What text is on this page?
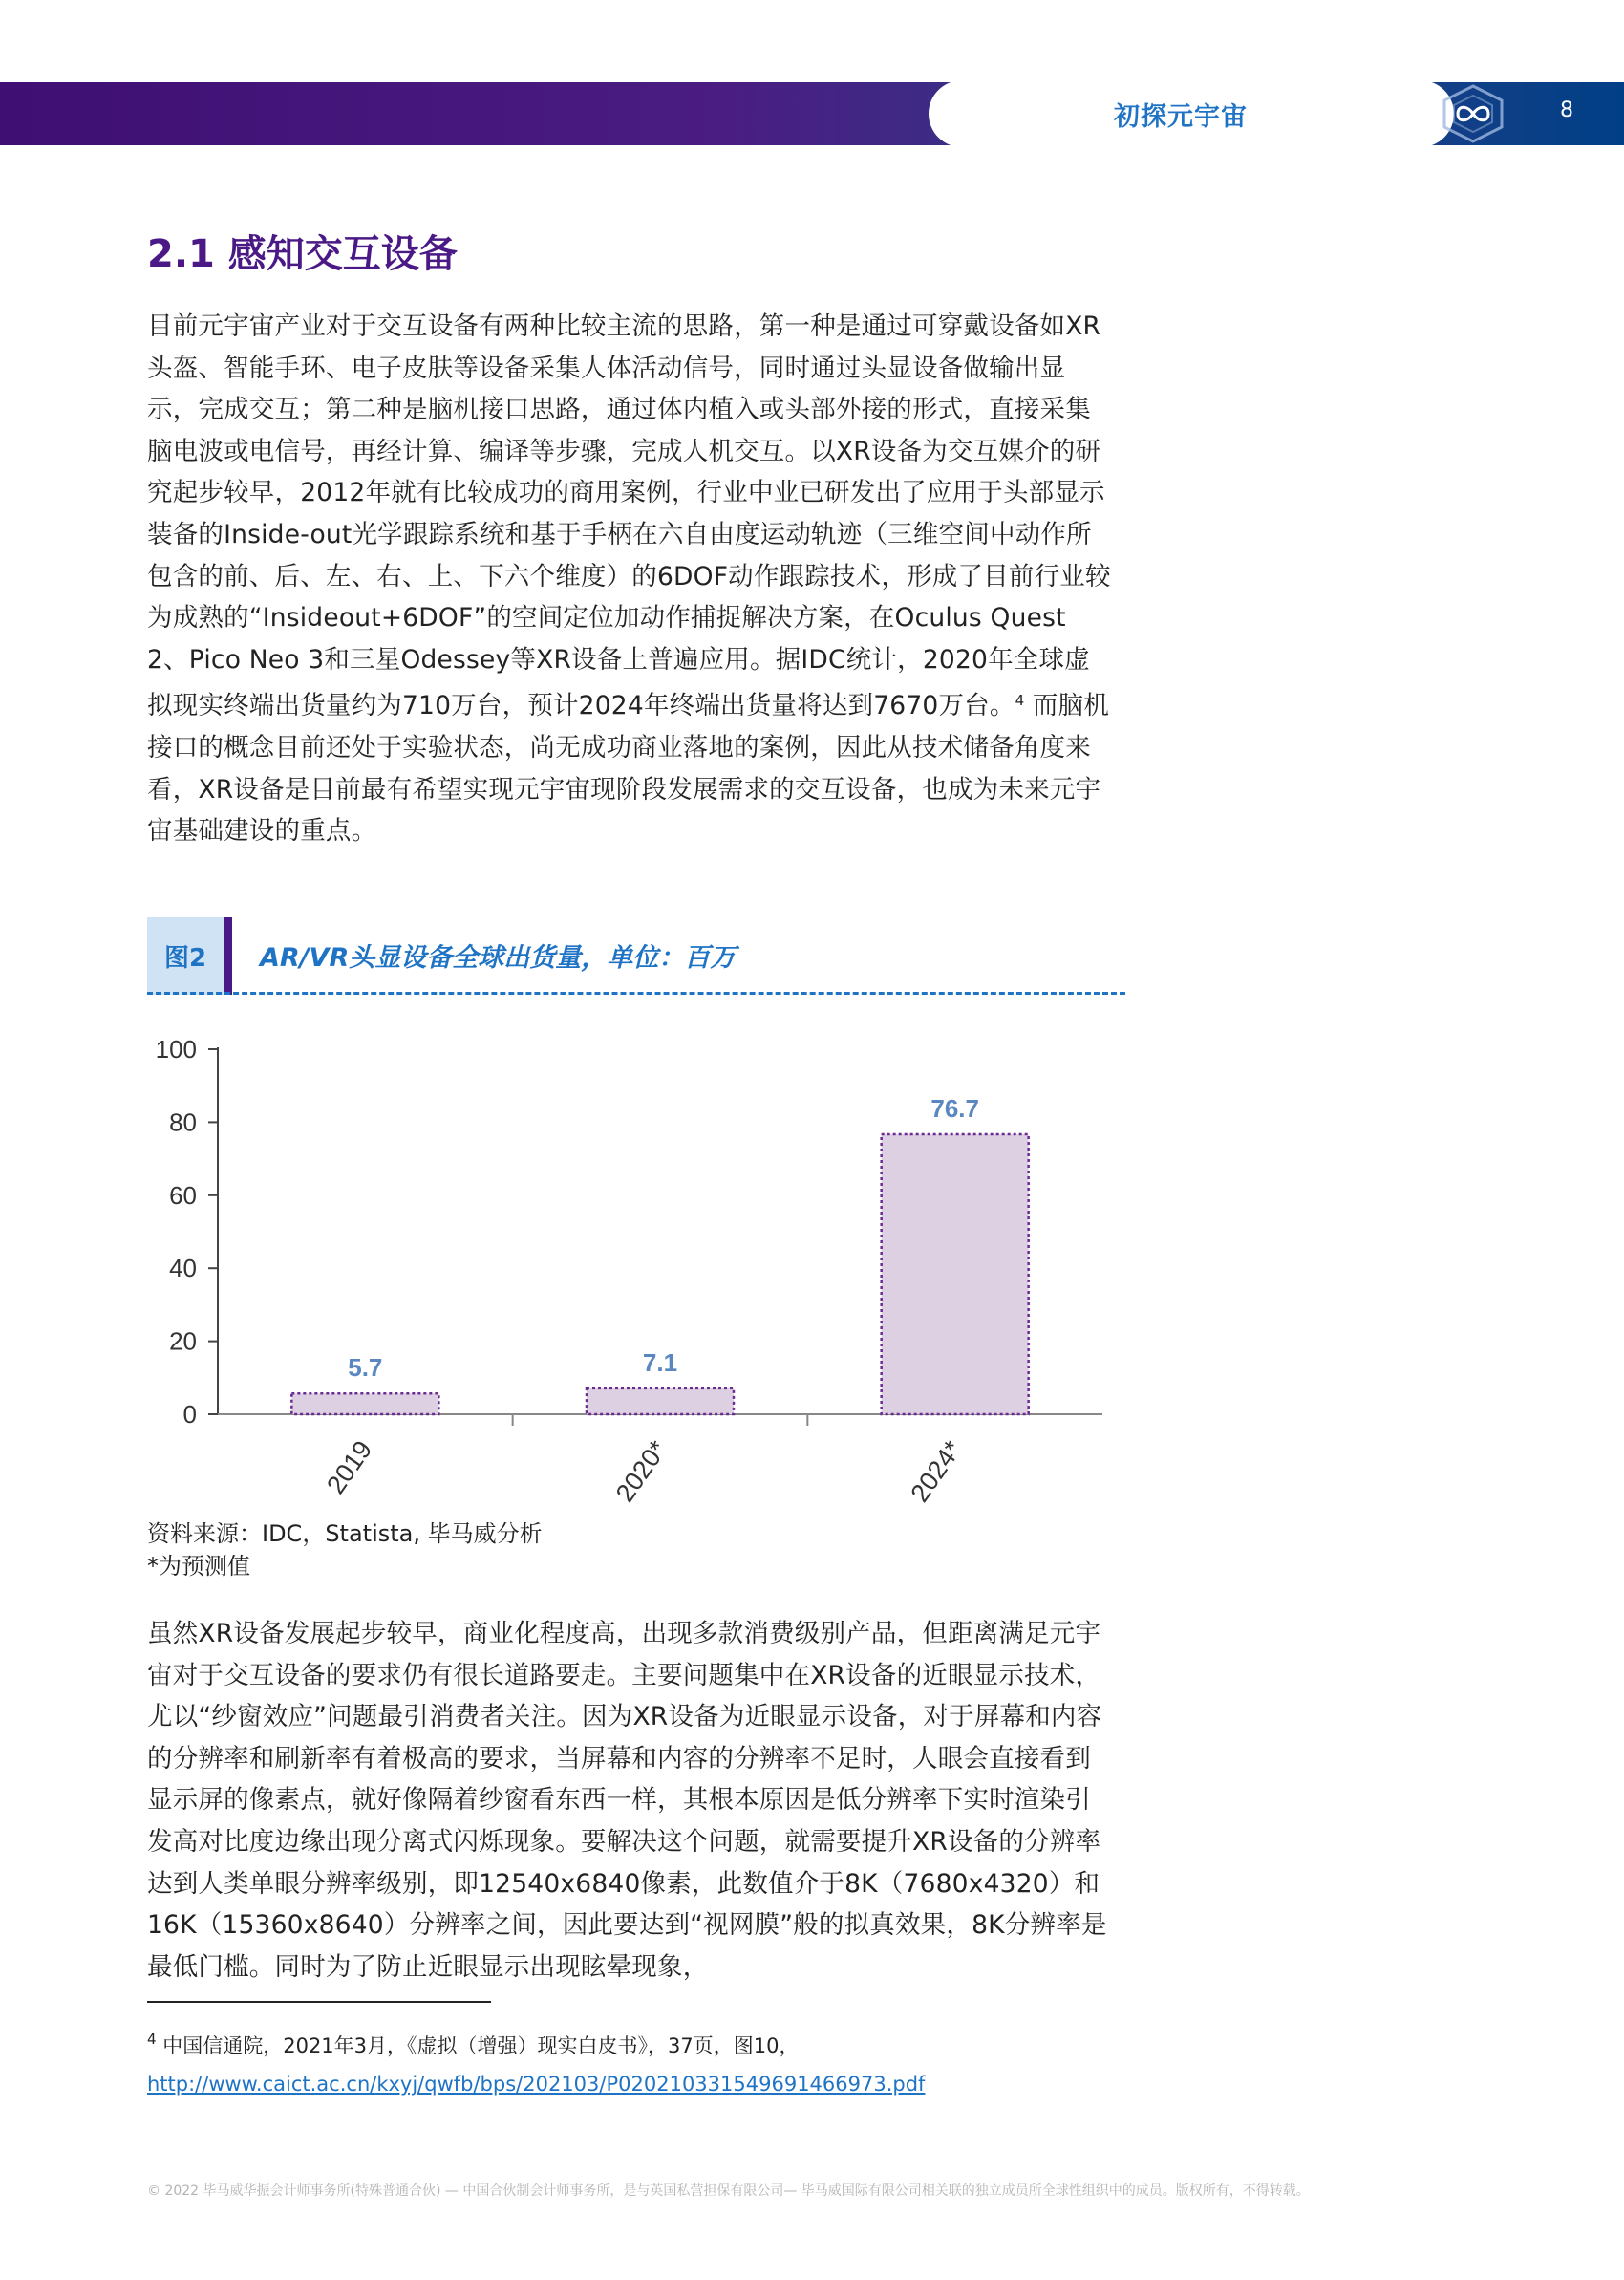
初探元宇宙	8
2.1 感知交互设备

目前元宇宙产业对于交互设备有两种比较主流的思路，第一种是通过可穿戴设备如XR头盔、智能手环、电子皮肤等设备采集人体活动信号，同时通过头显设备做输出显示，完成交互；第二种是脑机接口思路，通过体内植入或头部外接的形式，直接采集脑电波或电信号，再经计算、编译等步骤，完成人机交互。以XR设备为交互媒介的研究起步较早，2012年就有比较成功的商用案例，行业中业已研发出了应用于头部显示装备的Inside-out光学跟踪系统和基于手柄在六自由度运动轨迹（三维空间中动作所包含的前、后、左、右、上、下六个维度）的6DOF动作跟踪技术，形成了目前行业较为成熟的“Insideout+6DOF”的空间定位加动作捕捉解决方案，在Oculus Quest 2、Pico Neo 3和三星Odessey等XR设备上普遍应用。据IDC统计，2020年全球虚拟现实终端出货量约为710万台，预计2024年终端出货量将达到7670万台。$^4$ 而脑机接口的概念目前还处于实验状态，尚无成功商业落地的案例，因此从技术储备角度来看，XR设备是目前最有希望实现元宇宙现阶段发展需求的交互设备，也成为未来元宇宙基础建设的重点。

图2	AR/VR头显设备全球出货量，单位：百万
0
20
40
60
80
100
5.7
2019
7.1
2020*
76.7
2024*

资料来源：IDC，Statista, 毕马威分析
*为预测值

虽然XR设备发展起步较早，商业化程度高，出现多款消费级别产品，但距离满足元宇宙对于交互设备的要求仍有很长道路要走。主要问题集中在XR设备的近眼显示技术，尤以“纱窗效应”问题最引消费者关注。因为XR设备为近眼显示设备，对于屏幕和内容的分辨率和刷新率有着极高的要求，当屏幕和内容的分辨率不足时，人眼会直接看到显示屏的像素点，就好像隔着纱窗看东西一样，其根本原因是低分辨率下实时渲染引发高对比度边缘出现分离式闪烁现象。要解决这个问题，就需要提升XR设备的分辨率达到人类单眼分辨率级别，即12540x6840像素，此数值介于8K（7680x4320）和16K（15360x8640）分辨率之间，因此要达到“视网膜”般的拟真效果，8K分辨率是最低门槛。同时为了防止近眼显示出现眩晕现象，

$^4$ 中国信通院，2021年3月，《虚拟（增强）现实白皮书》，37页，图10，
http://www.caict.ac.cn/kxyj/qwfb/bps/202103/P020210331549691466973.pdf

© 2022 毕马威华振会计师事务所(特殊普通合伙) — 中国合伙制会计师事务所，是与英国私营担保有限公司— 毕马威国际有限公司相关联的独立成员所全球性组织中的成员。版权所有，不得转载。
